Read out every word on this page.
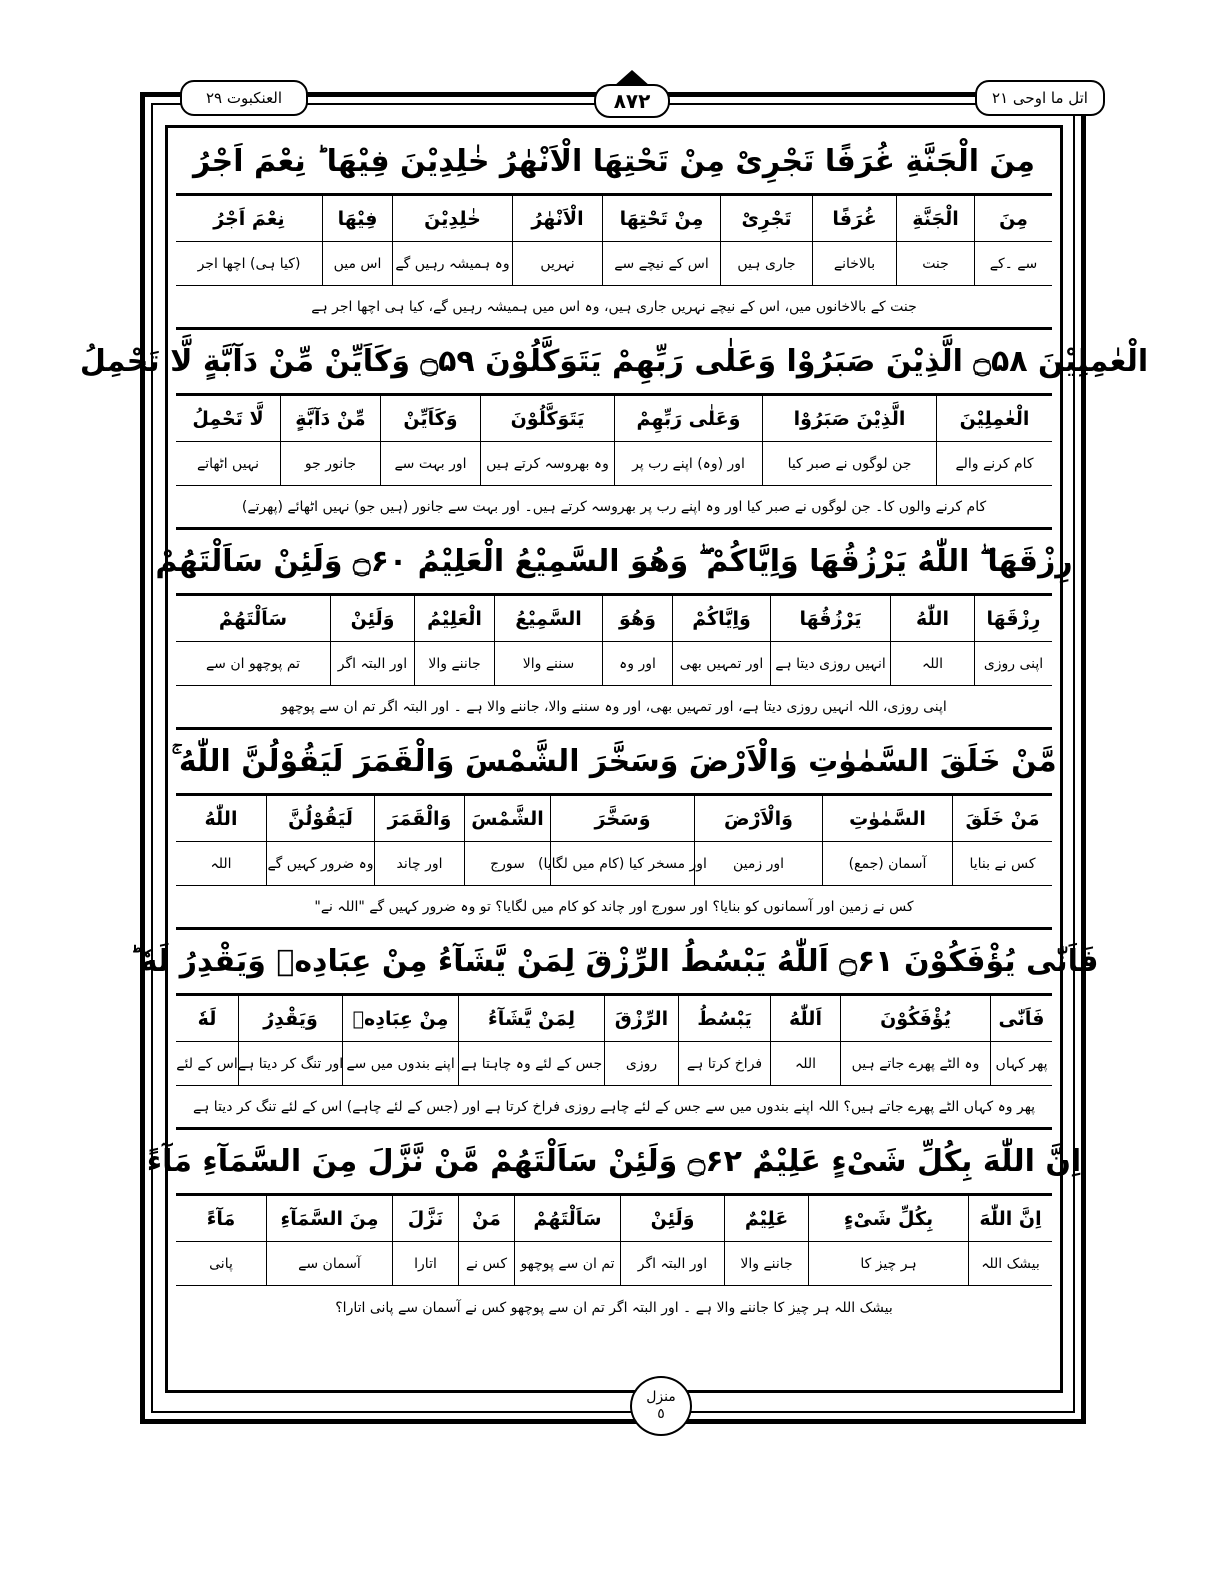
العنکبوت ٢٩	٨٧٢	اتل ما اوحی ٢١
مِنَ الْجَنَّةِ غُرَفًا تَجْرِیْ مِنْ تَحْتِهَا الْاَنْهٰرُ خٰلِدِیْنَ فِیْهَا ؕ نِعْمَ اَجْرُ
مِنَ
الْجَنَّةِ
غُرَفًا
تَجْرِیْ
مِنْ تَحْتِهَا
الْاَنْهٰرُ
خٰلِدِیْنَ
فِیْهَا
نِعْمَ اَجْرُ
سے ۔کے
جنت
بالاخانے
جاری ہیں
اس کے نیچے سے
نہریں
وہ ہمیشہ رہیں گے
اس میں
(کیا ہی) اچھا اجر
جنت کے بالاخانوں میں، اس کے نیچے نہریں جاری ہیں، وہ اس میں ہمیشہ رہیں گے، کیا ہی اچھا اجر ہے
الْعٰمِلِیْنَ ۝۵۸ الَّذِیْنَ صَبَرُوْا وَعَلٰی رَبِّهِمْ یَتَوَكَّلُوْنَ ۝۵۹ وَكَاَیِّنْ مِّنْ دَآبَّةٍ لَّا تَحْمِلُ
الْعٰمِلِیْنَ
الَّذِیْنَ صَبَرُوْا
وَعَلٰی رَبِّهِمْ
یَتَوَكَّلُوْنَ
وَكَاَیِّنْ
مِّنْ دَآبَّةٍ
لَّا تَحْمِلُ
کام کرنے والے
جن لوگوں نے صبر کیا
اور (وہ) اپنے رب پر
وہ بھروسہ کرتے ہیں
اور بہت سے
جانور جو
نہیں اٹھاتے
کام کرنے والوں کا۔ جن لوگوں نے صبر کیا اور وہ اپنے رب پر بھروسہ کرتے ہیں۔ اور بہت سے جانور (ہیں جو) نہیں اٹھائے (پھرتے)
رِزْقَهَا ۖ اللّٰهُ یَرْزُقُهَا وَاِیَّاكُمْ ۖ وَهُوَ السَّمِیْعُ الْعَلِیْمُ ۝۶۰ وَلَئِنْ سَاَلْتَهُمْ
رِزْقَهَا
اللّٰهُ
یَرْزُقُهَا
وَاِیَّاكُمْ
وَهُوَ
السَّمِیْعُ
الْعَلِیْمُ
وَلَئِنْ
سَاَلْتَهُمْ
اپنی روزی
اللہ
انہیں روزی دیتا ہے
اور تمہیں بھی
اور وہ
سننے والا
جاننے والا
اور البتہ اگر
تم پوچھو ان سے
اپنی روزی، اللہ انہیں روزی دیتا ہے، اور تمہیں بھی، اور وہ سننے والا، جاننے والا ہے ۔ اور البتہ اگر تم ان سے پوچھو
مَّنْ خَلَقَ السَّمٰوٰتِ وَالْاَرْضَ وَسَخَّرَ الشَّمْسَ وَالْقَمَرَ لَیَقُوْلُنَّ اللّٰهُ ۚ
مَنْ خَلَقَ
السَّمٰوٰتِ
وَالْاَرْضَ
وَسَخَّرَ
الشَّمْسَ
وَالْقَمَرَ
لَیَقُوْلُنَّ
اللّٰهُ
کس نے بنایا
آسمان (جمع)
اور زمین
اور مسخر کیا (کام میں لگایا)
سورج
اور چاند
وہ ضرور کہیں گے
اللہ
کس نے زمین اور آسمانوں کو بنایا؟ اور سورج اور چاند کو کام میں لگایا؟ تو وہ ضرور کہیں گے "اللہ نے"
فَاَنّٰی یُؤْفَكُوْنَ ۝۶۱ اَللّٰهُ یَبْسُطُ الرِّزْقَ لِمَنْ یَّشَآءُ مِنْ عِبَادِهٖ وَیَقْدِرُ لَهٗ ؕ
فَاَنّٰی
یُؤْفَكُوْنَ
اَللّٰهُ
یَبْسُطُ
الرِّزْقَ
لِمَنْ یَّشَآءُ
مِنْ عِبَادِهٖ
وَیَقْدِرُ
لَهٗ
پھر کہاں
وہ الٹے پھرے جاتے ہیں
اللہ
فراخ کرتا ہے
روزی
جس کے لئے وہ چاہتا ہے
اپنے بندوں میں سے
اور تنگ کر دیتا ہے
اس کے لئے
پھر وہ کہاں الٹے پھرے جاتے ہیں؟ اللہ اپنے بندوں میں سے جس کے لئے چاہے روزی فراخ کرتا ہے اور (جس کے لئے چاہے) اس کے لئے تنگ کر دیتا ہے
اِنَّ اللّٰهَ بِكُلِّ شَیْءٍ عَلِیْمٌ ۝۶۲ وَلَئِنْ سَاَلْتَهُمْ مَّنْ نَّزَّلَ مِنَ السَّمَآءِ مَآءً
اِنَّ اللّٰهَ
بِكُلِّ شَیْءٍ
عَلِیْمٌ
وَلَئِنْ
سَاَلْتَهُمْ
مَنْ
نَزَّلَ
مِنَ السَّمَآءِ
مَآءً
بیشک اللہ
ہر چیز کا
جاننے والا
اور البتہ اگر
تم ان سے پوچھو
کس نے
اتارا
آسمان سے
پانی
بیشک اللہ ہر چیز کا جاننے والا ہے ۔ اور البتہ اگر تم ان سے پوچھو کس نے آسمان سے پانی اتارا؟
منزل
٥
